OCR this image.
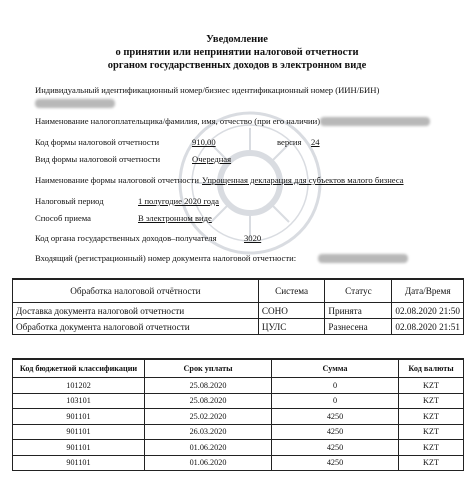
Уведомление
о принятии или непринятии налоговой отчетности
органом государственных доходов в электронном виде
Индивидуальный идентификационный номер/бизнес идентификационный номер (ИИН/БИН)
Наименование налогоплательщика/фамилия, имя, отчество (при его наличии)
Код формы налоговой отчетности	910.00	версия 24
Вид формы налоговой отчетности	Очередная
Наименование формы налоговой отчетности Упрощенная декларация для субъектов малого бизнеса
Налоговый период	1 полугодие 2020 года
Способ приема	В электронном виде
Код органа государственных доходов–получателя	3020
Входящий (регистрационный) номер документа налоговой отчетности:
Обработка налоговой отчётности	Система	Статус	Дата/Время
Доставка документа налоговой отчетности	СОНО	Принята	02.08.2020 21:50
Обработка документа налоговой отчетности	ЦУЛС	Разнесена	02.08.2020 21:51
Код бюджетной классификации	Срок уплаты	Сумма	Код валюты
101202	25.08.2020	0	KZT
103101	25.08.2020	0	KZT
901101	25.02.2020	4250	KZT
901101	26.03.2020	4250	KZT
901101	01.06.2020	4250	KZT
901101	01.06.2020	4250	KZT
